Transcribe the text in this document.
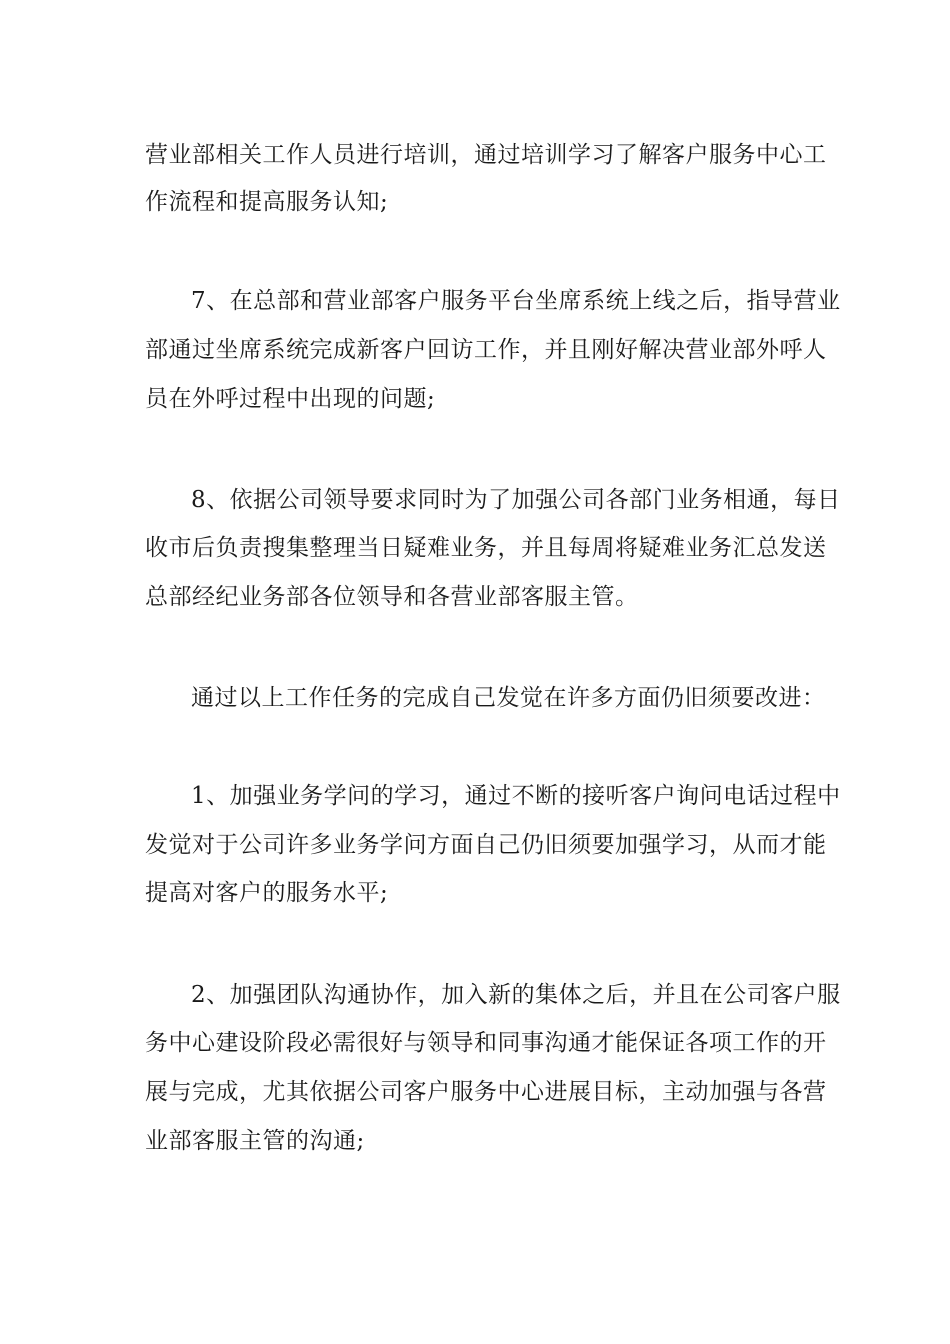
营业部相关工作人员进行培训，通过培训学习了解客户服务中心工
作流程和提高服务认知;
7、在总部和营业部客户服务平台坐席系统上线之后，指导营业
部通过坐席系统完成新客户回访工作，并且刚好解决营业部外呼人
员在外呼过程中出现的问题;
8、依据公司领导要求同时为了加强公司各部门业务相通，每日
收市后负责搜集整理当日疑难业务，并且每周将疑难业务汇总发送
总部经纪业务部各位领导和各营业部客服主管。
通过以上工作任务的完成自己发觉在许多方面仍旧须要改进：
1、加强业务学问的学习，通过不断的接听客户询问电话过程中
发觉对于公司许多业务学问方面自己仍旧须要加强学习，从而才能
提高对客户的服务水平;
2、加强团队沟通协作，加入新的集体之后，并且在公司客户服
务中心建设阶段必需很好与领导和同事沟通才能保证各项工作的开
展与完成，尤其依据公司客户服务中心进展目标，主动加强与各营
业部客服主管的沟通;
